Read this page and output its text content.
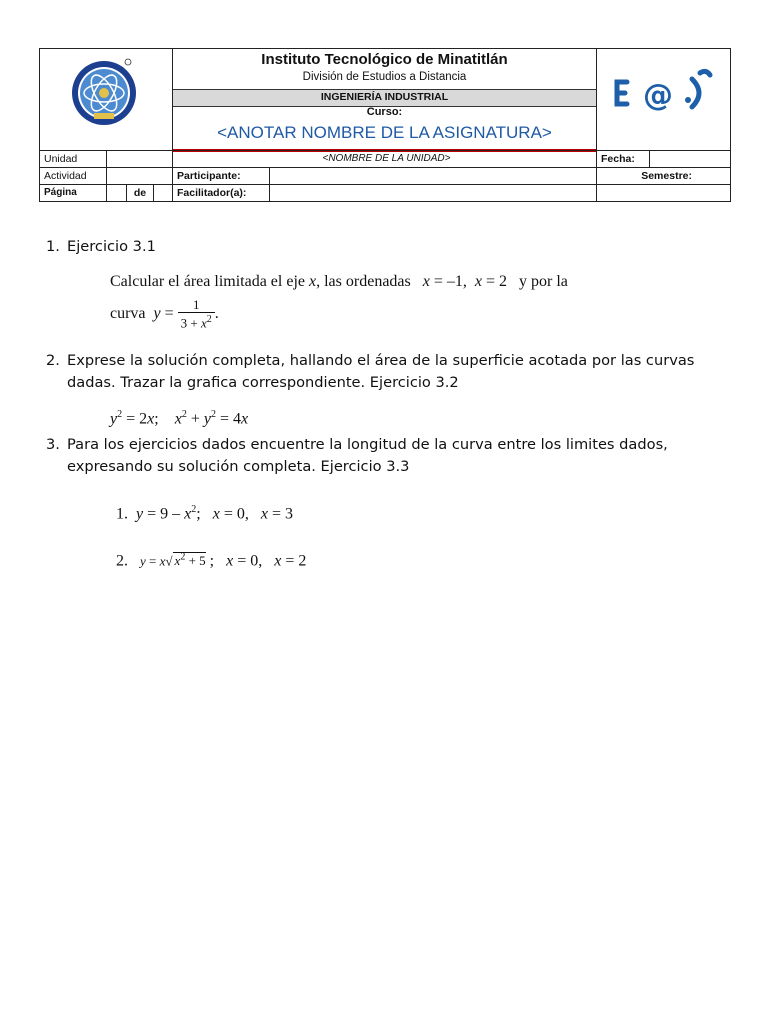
Instituto Tecnológico de Minatitlán
División de Estudios a Distancia
INGENIERÍA INDUSTRIAL
Curso:
<ANOTAR NOMBRE DE LA ASIGNATURA>
@
Unidad	<NOMBRE DE LA UNIDAD>	Fecha:
Actividad	Participante:	Semestre:
Página	de	Facilitador(a):
1. Ejercicio 3.1
Calcular el área limitada el eje x, las ordenadas   x = –1,  x = 2   y por la
curva $y = \frac{1}{3 + x^2}$ .
2. Exprese la solución completa, hallando el área de la superficie acotada por las curvas dadas. Trazar la grafica correspondiente. Ejercicio 3.2
$y^2 = 2x$;    $x^2 + y^2 = 4x$
3. Para los ejercicios dados encuentre la longitud de la curva entre los limites dados, expresando su solución completa. Ejercicio 3.3
1. $y = 9 - x^2$;   x = 0,   x = 3
2. y = x√ $x^2 + 5$ ;   x = 0,   x = 2
